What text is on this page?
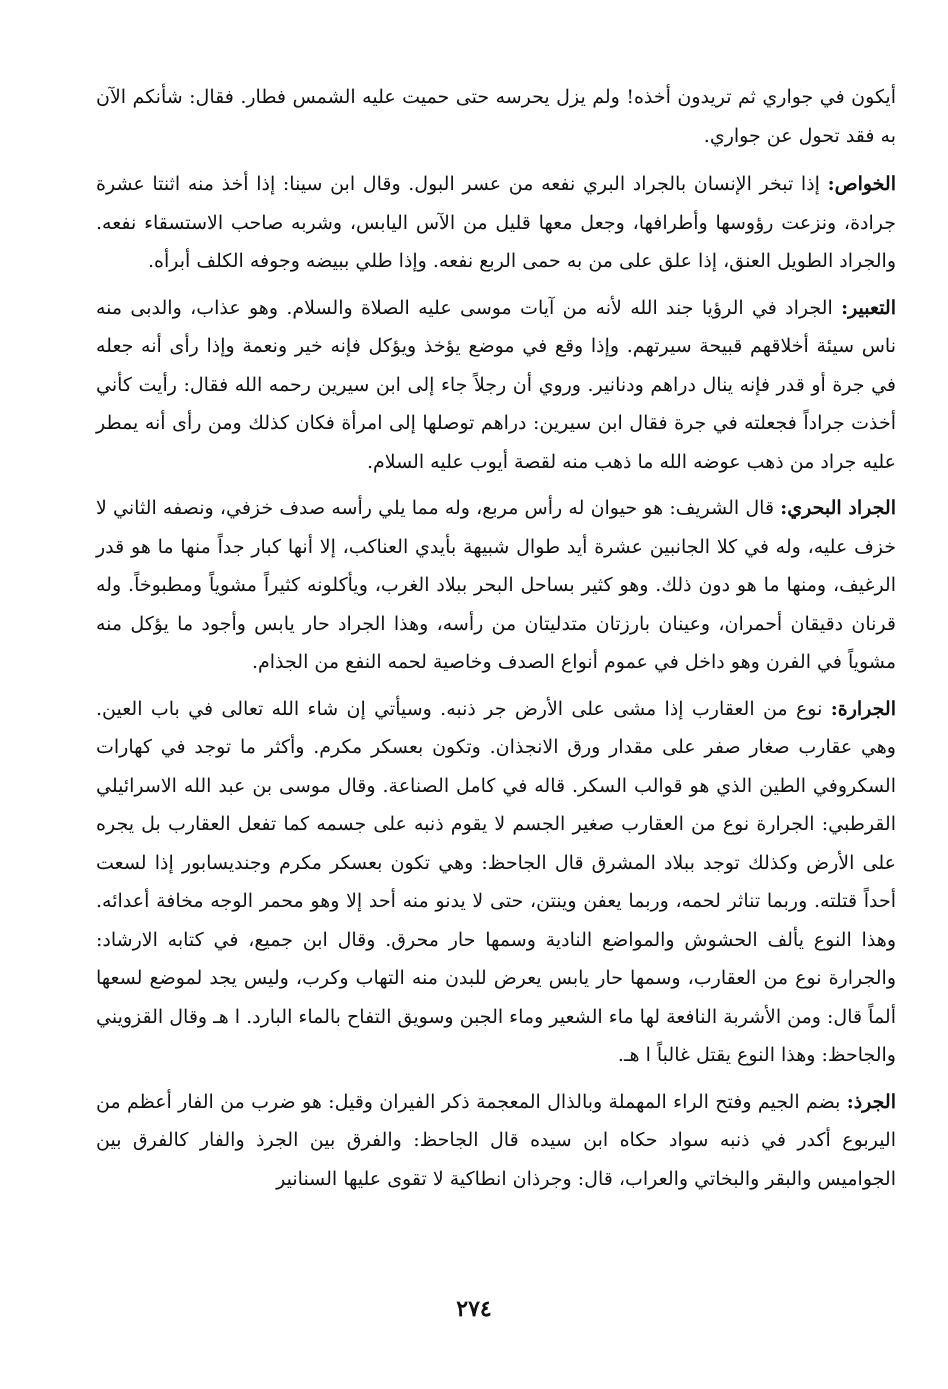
أيكون في جواري ثم تريدون أخذه! ولم يزل يحرسه حتى حميت عليه الشمس فطار. فقال: شأنكم الآن به فقد تحول عن جواري.

الخواص: إذا تبخر الإنسان بالجراد البري نفعه من عسر البول. وقال ابن سينا: إذا أخذ منه اثنتا عشرة جرادة، ونزعت رؤوسها وأطرافها، وجعل معها قليل من الآس اليابس، وشربه صاحب الاستسقاء نفعه. والجراد الطويل العنق، إذا علق على من به حمى الربع نفعه. وإذا طلي ببيضه وجوفه الكلف أبرأه.

التعبير: الجراد في الرؤيا جند الله لأنه من آيات موسى عليه الصلاة والسلام. وهو عذاب، والدبى منه ناس سيئة أخلاقهم قبيحة سيرتهم. وإذا وقع في موضع يؤخذ ويؤكل فإنه خير ونعمة وإذا رأى أنه جعله في جرة أو قدر فإنه ينال دراهم ودنانير. وروي أن رجلاً جاء إلى ابن سيرين رحمه الله فقال: رأيت كأني أخذت جراداً فجعلته في جرة فقال ابن سيرين: دراهم توصلها إلى امرأة فكان كذلك ومن رأى أنه يمطر عليه جراد من ذهب عوضه الله ما ذهب منه لقصة أيوب عليه السلام.

الجراد البحري: قال الشريف: هو حيوان له رأس مربع، وله مما يلي رأسه صدف خزفي، ونصفه الثاني لا خزف عليه، وله في كلا الجانبين عشرة أيد طوال شبيهة بأيدي العناكب، إلا أنها كبار جداً منها ما هو قدر الرغيف، ومنها ما هو دون ذلك. وهو كثير بساحل البحر ببلاد الغرب، ويأكلونه كثيراً مشوياً ومطبوخاً. وله قرنان دقيقان أحمران، وعينان بارزتان متدليتان من رأسه، وهذا الجراد حار يابس وأجود ما يؤكل منه مشوياً في الفرن وهو داخل في عموم أنواع الصدف وخاصية لحمه النفع من الجذام.

الجرارة: نوع من العقارب إذا مشى على الأرض جر ذنبه. وسيأتي إن شاء الله تعالى في باب العين. وهي عقارب صغار صفر على مقدار ورق الانجذان. وتكون بعسكر مكرم. وأكثر ما توجد في كهارات السكروفي الطين الذي هو قوالب السكر. قاله في كامل الصناعة. وقال موسى بن عبد الله الاسرائيلي القرطبي: الجرارة نوع من العقارب صغير الجسم لا يقوم ذنبه على جسمه كما تفعل العقارب بل يجره على الأرض وكذلك توجد ببلاد المشرق قال الجاحظ: وهي تكون بعسكر مكرم وجنديسابور إذا لسعت أحداً قتلته. وربما تناثر لحمه، وربما يعفن وينتن، حتى لا يدنو منه أحد إلا وهو محمر الوجه مخافة أعدائه. وهذا النوع يألف الحشوش والمواضع النادية وسمها حار محرق. وقال ابن جميع، في كتابه الارشاد: والجرارة نوع من العقارب، وسمها حار يابس يعرض للبدن منه التهاب وكرب، وليس يجد لموضع لسعها ألماً قال: ومن الأشربة النافعة لها ماء الشعير وماء الجبن وسويق التفاح بالماء البارد. ا هـ وقال القزويني والجاحظ: وهذا النوع يقتل غالباً ا هـ.

الجرذ: بضم الجيم وفتح الراء المهملة وبالذال المعجمة ذكر الفيران وقيل: هو ضرب من الفار أعظم من اليربوع أكدر في ذنبه سواد حكاه ابن سيده قال الجاحظ: والفرق بين الجرذ والفار كالفرق بين الجواميس والبقر والبخاتي والعراب، قال: وجرذان انطاكية لا تقوى عليها السنانير

٢٧٤
